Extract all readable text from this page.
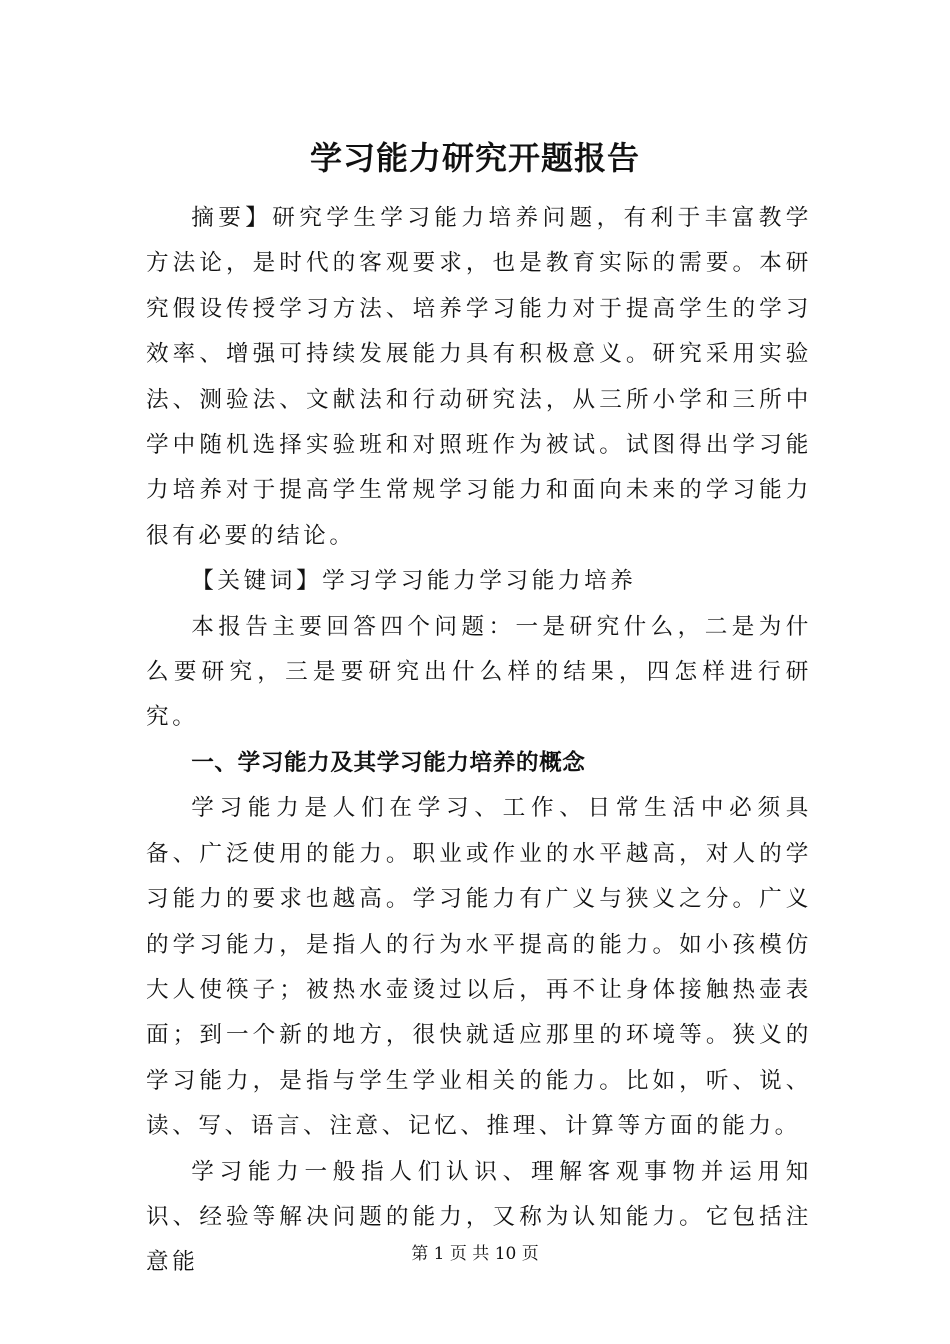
学习能力研究开题报告

摘要】研究学生学习能力培养问题，有利于丰富教学方法论，是时代的客观要求，也是教育实际的需要。本研究假设传授学习方法、培养学习能力对于提高学生的学习效率、增强可持续发展能力具有积极意义。研究采用实验法、测验法、文献法和行动研究法，从三所小学和三所中学中随机选择实验班和对照班作为被试。试图得出学习能力培养对于提高学生常规学习能力和面向未来的学习能力很有必要的结论。

【关键词】学习学习能力学习能力培养

本报告主要回答四个问题：一是研究什么，二是为什么要研究，三是要研究出什么样的结果，四怎样进行研究。

一、学习能力及其学习能力培养的概念

学习能力是人们在学习、工作、日常生活中必须具备、广泛使用的能力。职业或作业的水平越高，对人的学习能力的要求也越高。学习能力有广义与狭义之分。广义的学习能力，是指人的行为水平提高的能力。如小孩模仿大人使筷子；被热水壶烫过以后，再不让身体接触热壶表面；到一个新的地方，很快就适应那里的环境等。狭义的学习能力，是指与学生学业相关的能力。比如，听、说、读、写、语言、注意、记忆、推理、计算等方面的能力。

学习能力一般指人们认识、理解客观事物并运用知识、经验等解决问题的能力，又称为认知能力。它包括注意能	第 1 页 共 10 页
